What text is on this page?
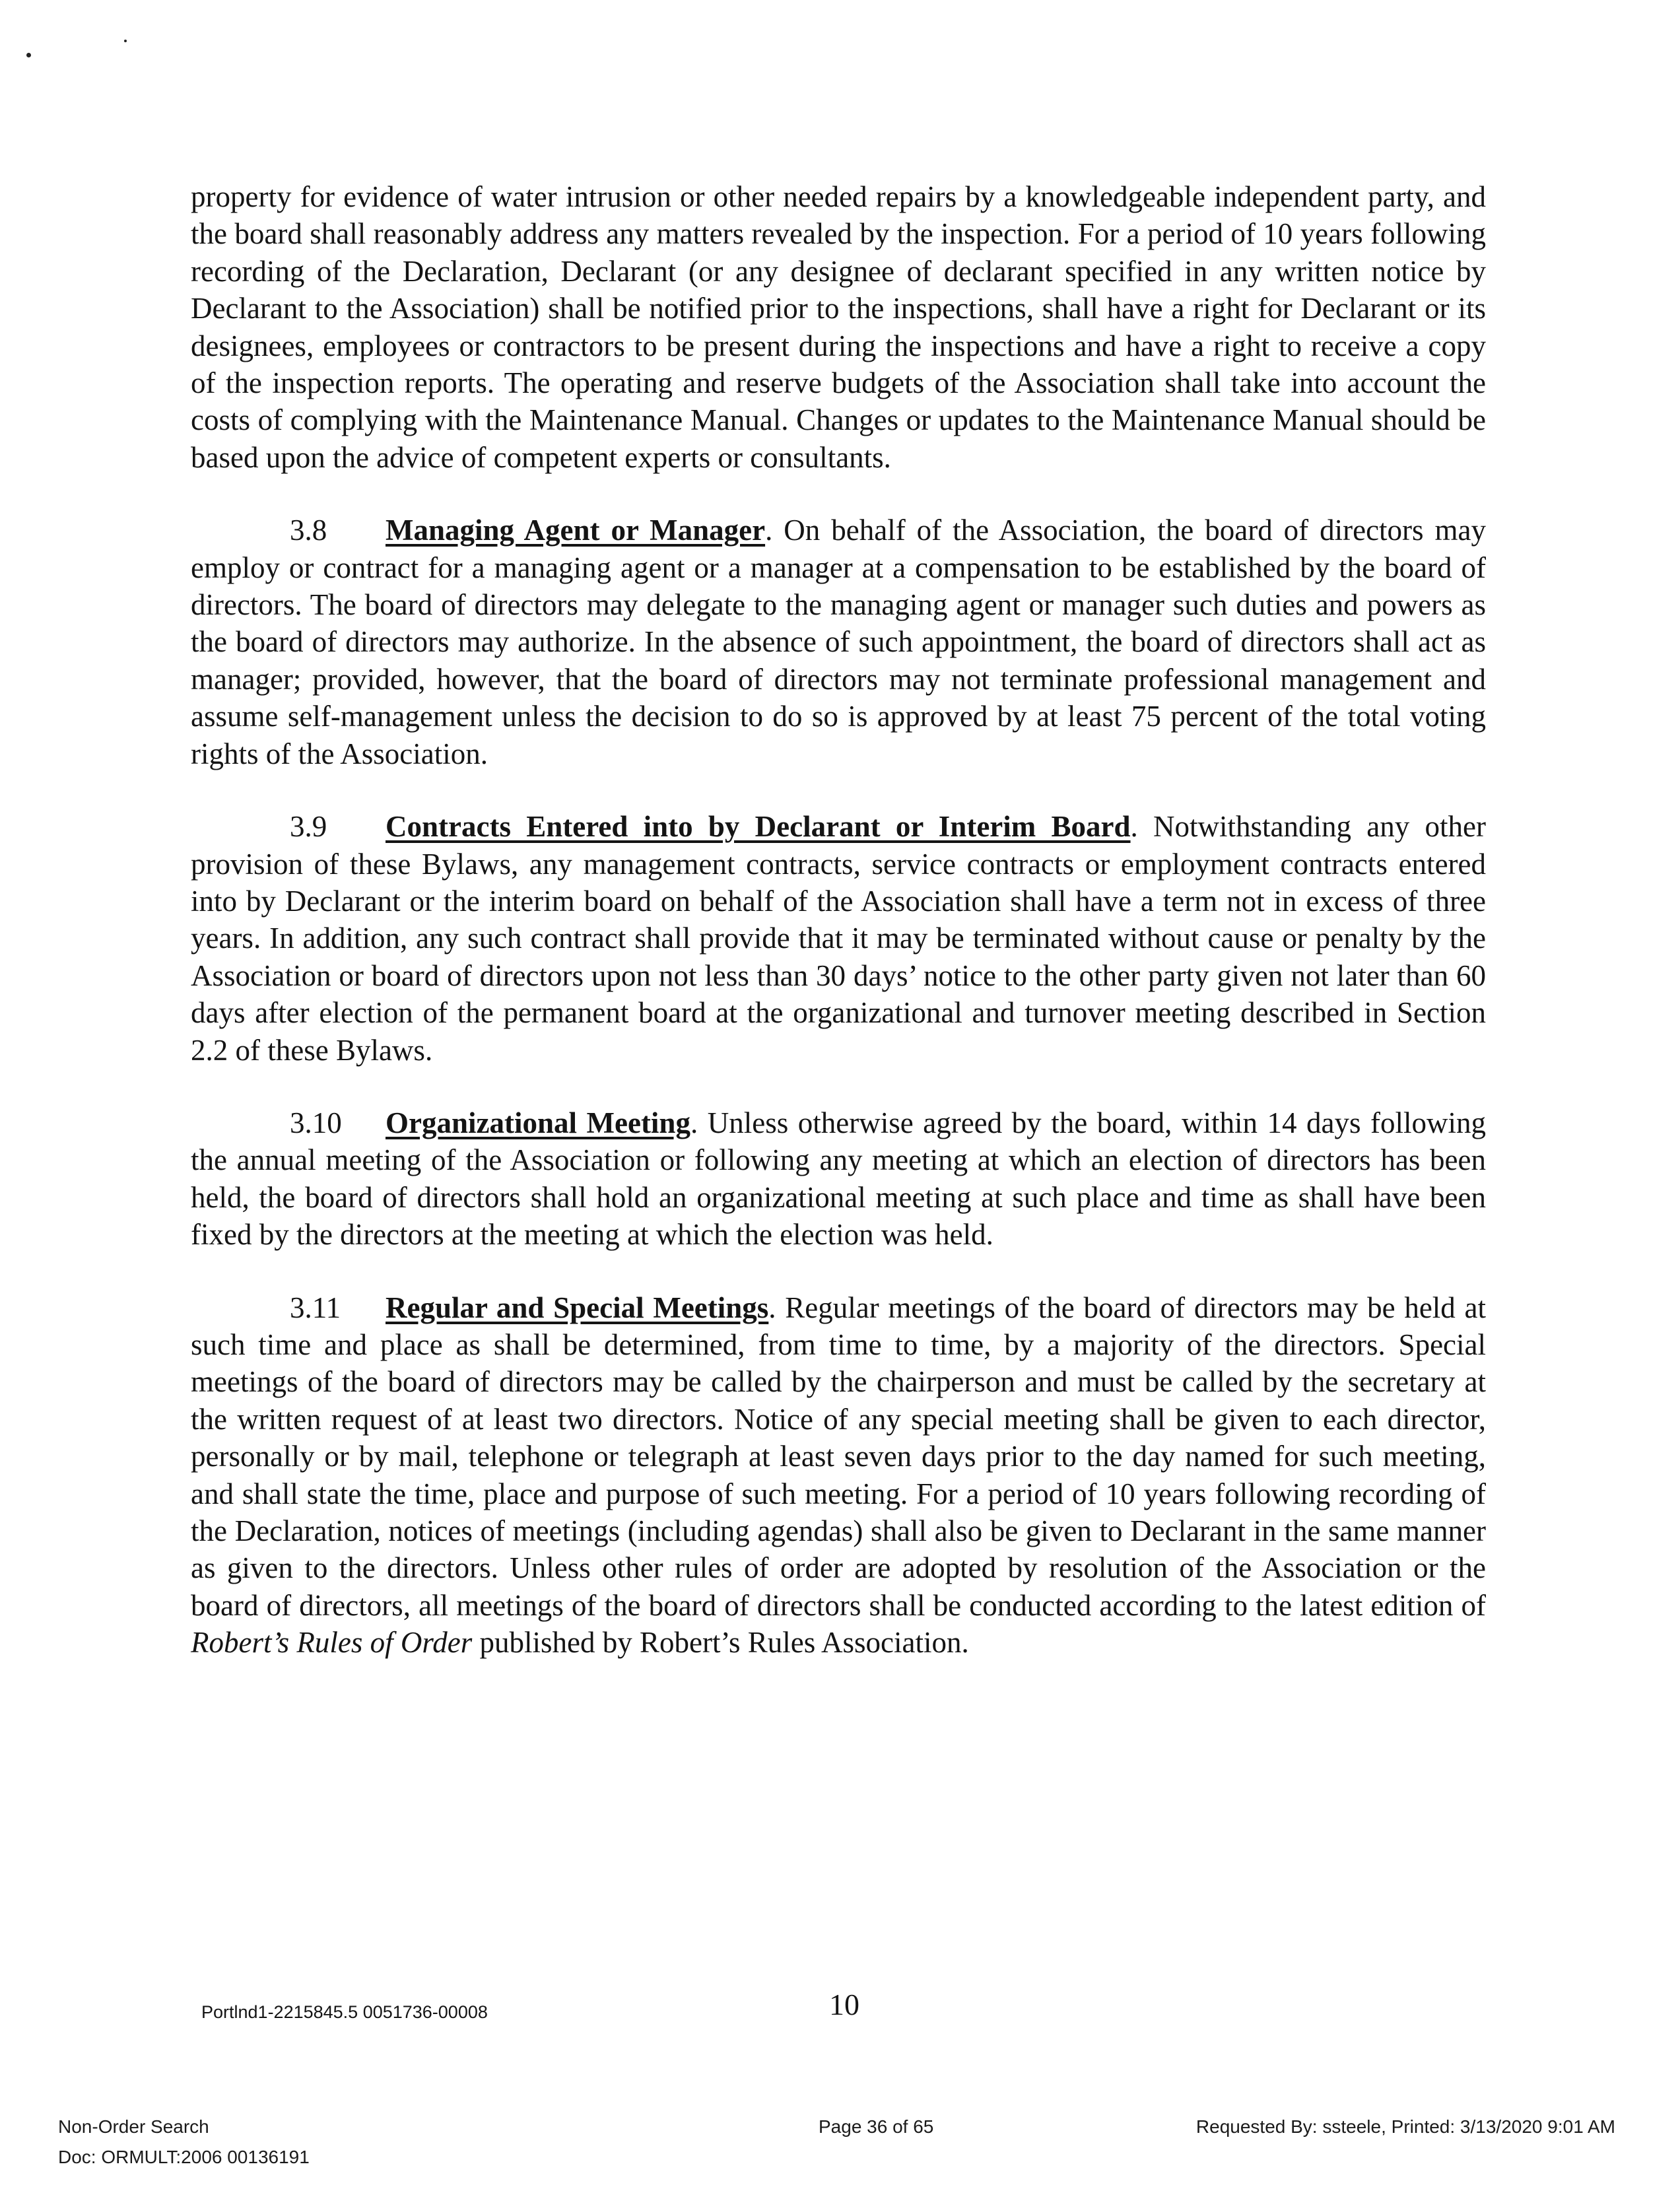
property for evidence of water intrusion or other needed repairs by a knowledgeable independent party, and the board shall reasonably address any matters revealed by the inspection. For a period of 10 years following recording of the Declaration, Declarant (or any designee of declarant specified in any written notice by Declarant to the Association) shall be notified prior to the inspections, shall have a right for Declarant or its designees, employees or contractors to be present during the inspections and have a right to receive a copy of the inspection reports. The operating and reserve budgets of the Association shall take into account the costs of complying with the Maintenance Manual. Changes or updates to the Maintenance Manual should be based upon the advice of competent experts or consultants.

3.8 Managing Agent or Manager. On behalf of the Association, the board of directors may employ or contract for a managing agent or a manager at a compensation to be established by the board of directors. The board of directors may delegate to the managing agent or manager such duties and powers as the board of directors may authorize. In the absence of such appointment, the board of directors shall act as manager; provided, however, that the board of directors may not terminate professional management and assume self-management unless the decision to do so is approved by at least 75 percent of the total voting rights of the Association.

3.9 Contracts Entered into by Declarant or Interim Board. Notwithstanding any other provision of these Bylaws, any management contracts, service contracts or employment contracts entered into by Declarant or the interim board on behalf of the Association shall have a term not in excess of three years. In addition, any such contract shall provide that it may be terminated without cause or penalty by the Association or board of directors upon not less than 30 days’ notice to the other party given not later than 60 days after election of the permanent board at the organizational and turnover meeting described in Section 2.2 of these Bylaws.

3.10 Organizational Meeting. Unless otherwise agreed by the board, within 14 days following the annual meeting of the Association or following any meeting at which an election of directors has been held, the board of directors shall hold an organizational meeting at such place and time as shall have been fixed by the directors at the meeting at which the election was held.

3.11 Regular and Special Meetings. Regular meetings of the board of directors may be held at such time and place as shall be determined, from time to time, by a majority of the directors. Special meetings of the board of directors may be called by the chairperson and must be called by the secretary at the written request of at least two directors. Notice of any special meeting shall be given to each director, personally or by mail, telephone or telegraph at least seven days prior to the day named for such meeting, and shall state the time, place and purpose of such meeting. For a period of 10 years following recording of the Declaration, notices of meetings (including agendas) shall also be given to Declarant in the same manner as given to the directors. Unless other rules of order are adopted by resolution of the Association or the board of directors, all meetings of the board of directors shall be conducted according to the latest edition of Robert’s Rules of Order published by Robert’s Rules Association.

Portlnd1-2215845.5 0051736-00008	10
Non-Order Search
Doc: ORMULT:2006 00136191
Page 36 of 65	Requested By: ssteele, Printed: 3/13/2020 9:01 AM
